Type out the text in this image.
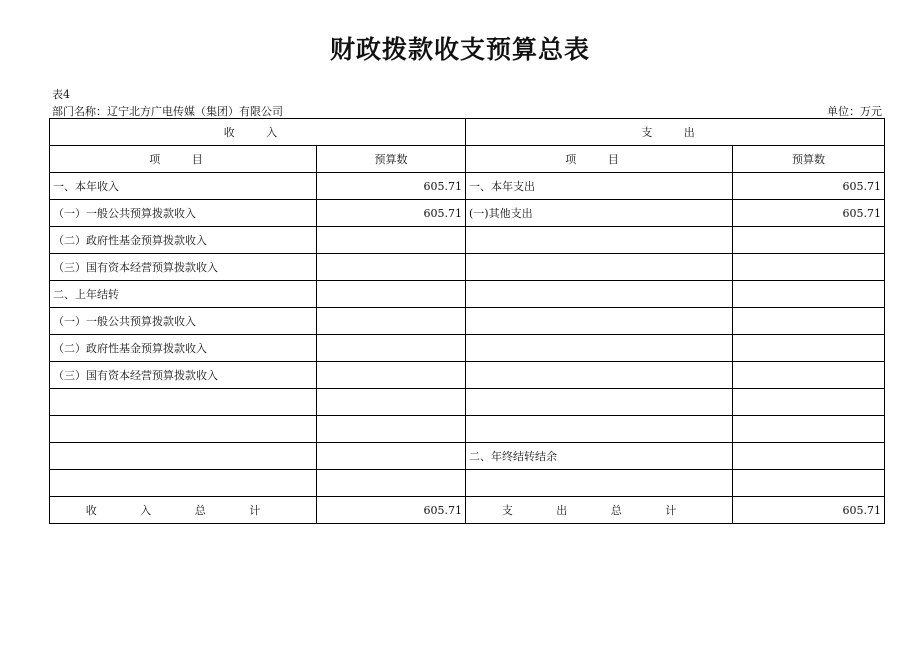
财政拨款收支预算总表
表4
部门名称：辽宁北方广电传媒（集团）有限公司	单位：万元
收 入		支 出	
项 目	预算数	项 目	预算数
一、本年收入	605.71	一、本年支出	605.71
（一）一般公共预算拨款收入	605.71	(一)其他支出	605.71
（二）政府性基金预算拨款收入			
（三）国有资本经营预算拨款收入			
二、上年结转			
（一）一般公共预算拨款收入			
（二）政府性基金预算拨款收入			
（三）国有资本经营预算拨款收入			

		二、年终结转结余	

收 入 总 计	605.71	支 出 总 计	605.71
